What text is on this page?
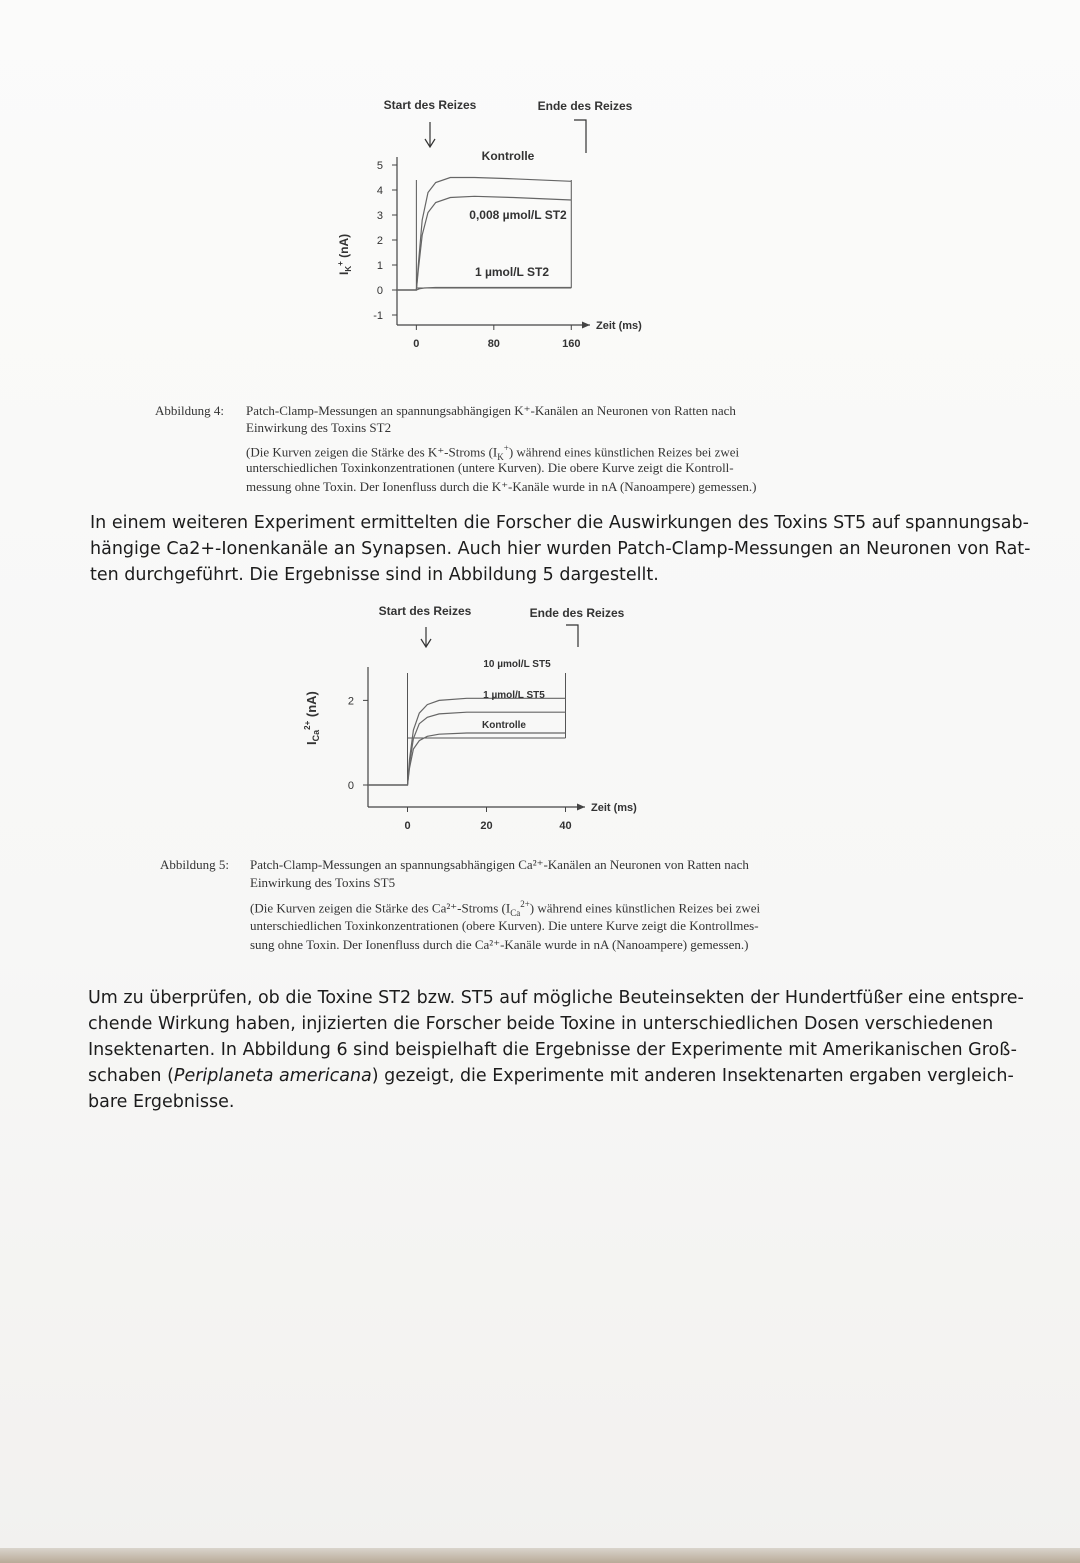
Start des Reizes	Ende des Reizes
$I_K^+$ (nA)
Zeit (ms)
5
4
3
2
1
0
-1
0	80	160
Kontrolle
0,008 µmol/L ST2
1 µmol/L ST2
Abbildung 4: Patch-Clamp-Messungen an spannungsabhängigen K⁺-Kanälen an Neuronen von Ratten nach
Einwirkung des Toxins ST2
(Die Kurven zeigen die Stärke des K⁺-Stroms $(I_K^+)$ während eines künstlichen Reizes bei zwei
unterschiedlichen Toxinkonzentrationen (untere Kurven). Die obere Kurve zeigt die Kontroll-
messung ohne Toxin. Der Ionenfluss durch die K⁺-Kanäle wurde in nA (Nanoampere) gemessen.)
In einem weiteren Experiment ermittelten die Forscher die Auswirkungen des Toxins ST5 auf spannungsab-
hängige Ca2+-Ionenkanäle an Synapsen. Auch hier wurden Patch-Clamp-Messungen an Neuronen von Rat-
ten durchgeführt. Die Ergebnisse sind in Abbildung 5 dargestellt.
Start des Reizes	Ende des Reizes
$I_{Ca}^{2+}$ (nA)
Zeit (ms)
2
0
0	20	40
10 µmol/L ST5
1 µmol/L ST5
Kontrolle
Abbildung 5: Patch-Clamp-Messungen an spannungsabhängigen Ca²⁺-Kanälen an Neuronen von Ratten nach
Einwirkung des Toxins ST5
(Die Kurven zeigen die Stärke des Ca²⁺-Stroms $(I_{Ca}^{2+})$ während eines künstlichen Reizes bei zwei
unterschiedlichen Toxinkonzentrationen (obere Kurven). Die untere Kurve zeigt die Kontrollmes-
sung ohne Toxin. Der Ionenfluss durch die Ca²⁺-Kanäle wurde in nA (Nanoampere) gemessen.)
Um zu überprüfen, ob die Toxine ST2 bzw. ST5 auf mögliche Beuteinsekten der Hundertfüßer eine entspre-
chende Wirkung haben, injizierten die Forscher beide Toxine in unterschiedlichen Dosen verschiedenen
Insektenarten. In Abbildung 6 sind beispielhaft die Ergebnisse der Experimente mit Amerikanischen Groß-
schaben (Periplaneta americana) gezeigt, die Experimente mit anderen Insektenarten ergaben vergleich-
bare Ergebnisse.
